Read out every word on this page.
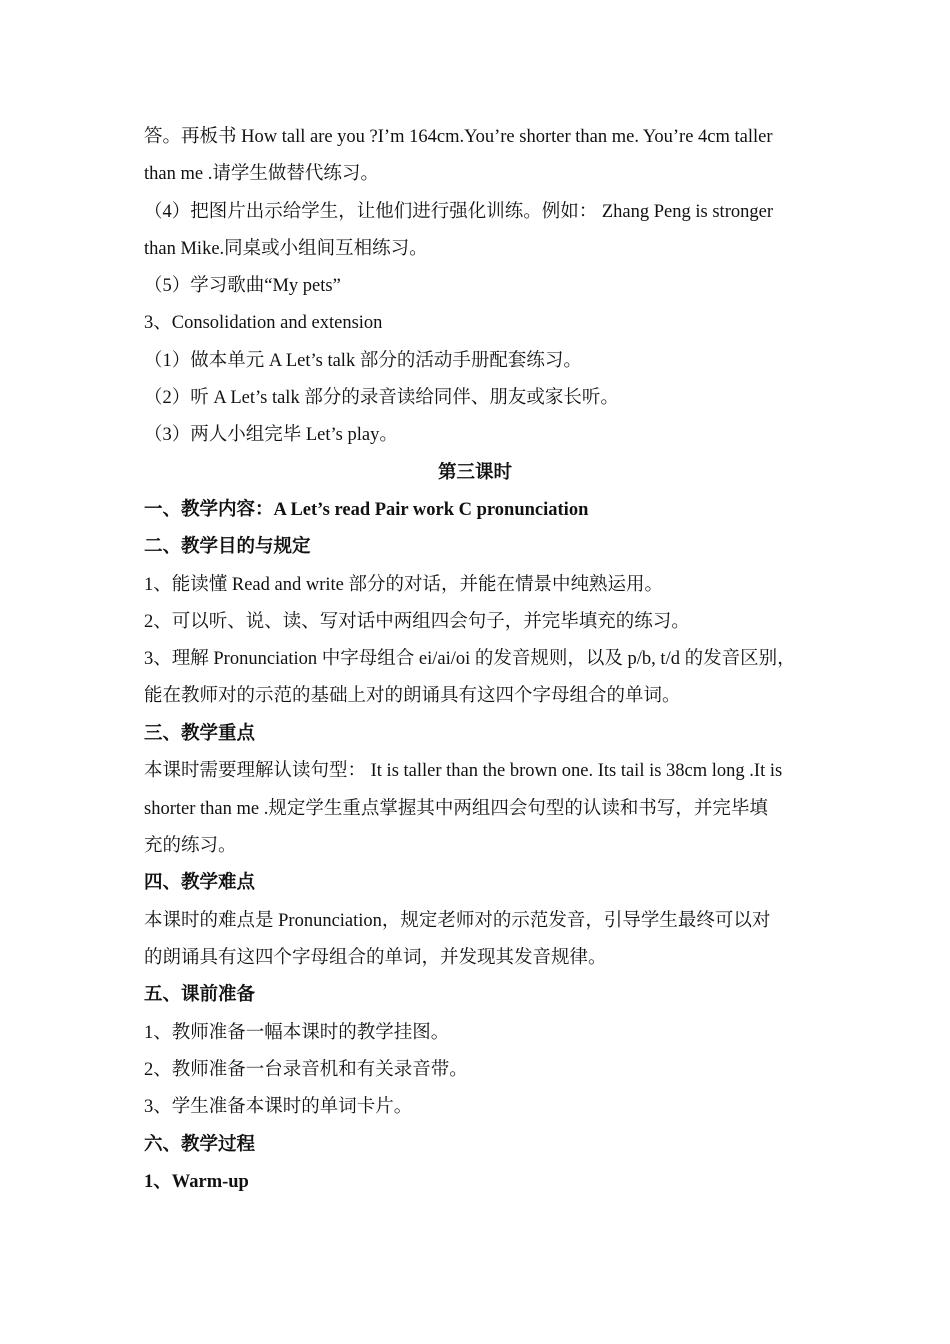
答。再板书 How tall are you ?I’m 164cm.You’re shorter than me. You’re 4cm taller
than me .请学生做替代练习。
（4）把图片出示给学生，让他们进行强化训练。例如： Zhang Peng is stronger
than Mike.同桌或小组间互相练习。
（5）学习歌曲“My pets”
3、Consolidation and extension
（1）做本单元 A Let’s talk 部分的活动手册配套练习。
（2）听 A Let’s talk 部分的录音读给同伴、朋友或家长听。
（3）两人小组完毕 Let’s play。
第三课时
一、教学内容：A Let’s read Pair work C pronunciation
二、教学目的与规定
1、能读懂 Read and write 部分的对话，并能在情景中纯熟运用。
2、可以听、说、读、写对话中两组四会句子，并完毕填充的练习。
3、理解 Pronunciation 中字母组合 ei/ai/oi 的发音规则，以及 p/b, t/d 的发音区别，
能在教师对的示范的基础上对的朗诵具有这四个字母组合的单词。
三、教学重点
本课时需要理解认读句型： It is taller than the brown one. Its tail is 38cm long .It is
shorter than me .规定学生重点掌握其中两组四会句型的认读和书写，并完毕填
充的练习。
四、教学难点
本课时的难点是 Pronunciation，规定老师对的示范发音，引导学生最终可以对
的朗诵具有这四个字母组合的单词，并发现其发音规律。
五、课前准备
1、教师准备一幅本课时的教学挂图。
2、教师准备一台录音机和有关录音带。
3、学生准备本课时的单词卡片。
六、教学过程
1、Warm-up
